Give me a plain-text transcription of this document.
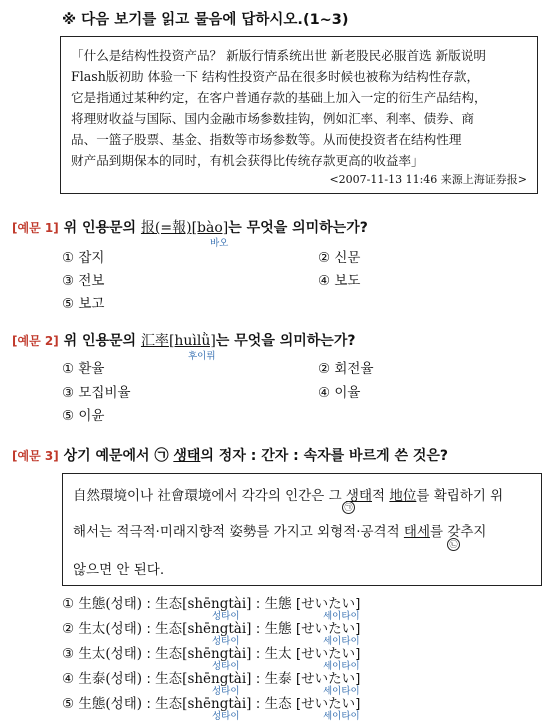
※ 다음 보기를 읽고 물음에 답하시오.(1~3)
「什么是结构性投资产品？ 新版行情系统出世 新老股民必服首选 新版说明
Flash版初助 体验一下 结构性投资产品在很多时候也被称为结构性存款，
它是指通过某种约定，在客户普通存款的基础上加入一定的衍生产品结构，
将理财收益与国际、国内金融市场参数挂钩，例如汇率、利率、债券、商
品、一篮子股票、基金、指数等市场参数等。从而使投资者在结构性理
财产品到期保本的同时，有机会获得比传统存款更高的收益率」
<2007-11-13 11:46 来源上海证券报>
[예문 1] 위 인용문의 报(=報)[bào]는 무엇을 의미하는가?
바오
① 잡지	② 신문
③ 전보	④ 보도
⑤ 보고
[예문 2] 위 인용문의 汇率[huìlǜ]는 무엇을 의미하는가?
후이뤼
① 환율	② 회전율
③ 모집비율	④ 이율
⑤ 이윤
[예문 3] 상기 예문에서 ㉠ 생태의 정자 : 간자 : 속자를 바르게 쓴 것은?
自然環境이나 社會環境에서 각각의 인간은 그 생태적 地位를 확립하기 위
㉠
해서는 적극적·미래지향적 姿勢를 가지고 외형적·공격적 태세를 갖추지
㉡
않으면 안 된다.
① 生態(성태) : 生态[shēngtài] : 生態 [せいたい]
성타이	세이타이
② 生太(성태) : 生态[shēngtài] : 生態 [せいたい]
성타이	세이타이
③ 生太(성태) : 生态[shēngtài] : 生太 [せいたい]
성타이	세이타이
④ 生泰(성태) : 生态[shēngtài] : 生泰 [せいたい]
성타이	세이타이
⑤ 生態(성태) : 生态[shēngtài] : 生态 [せいたい]
성타이	세이타이
